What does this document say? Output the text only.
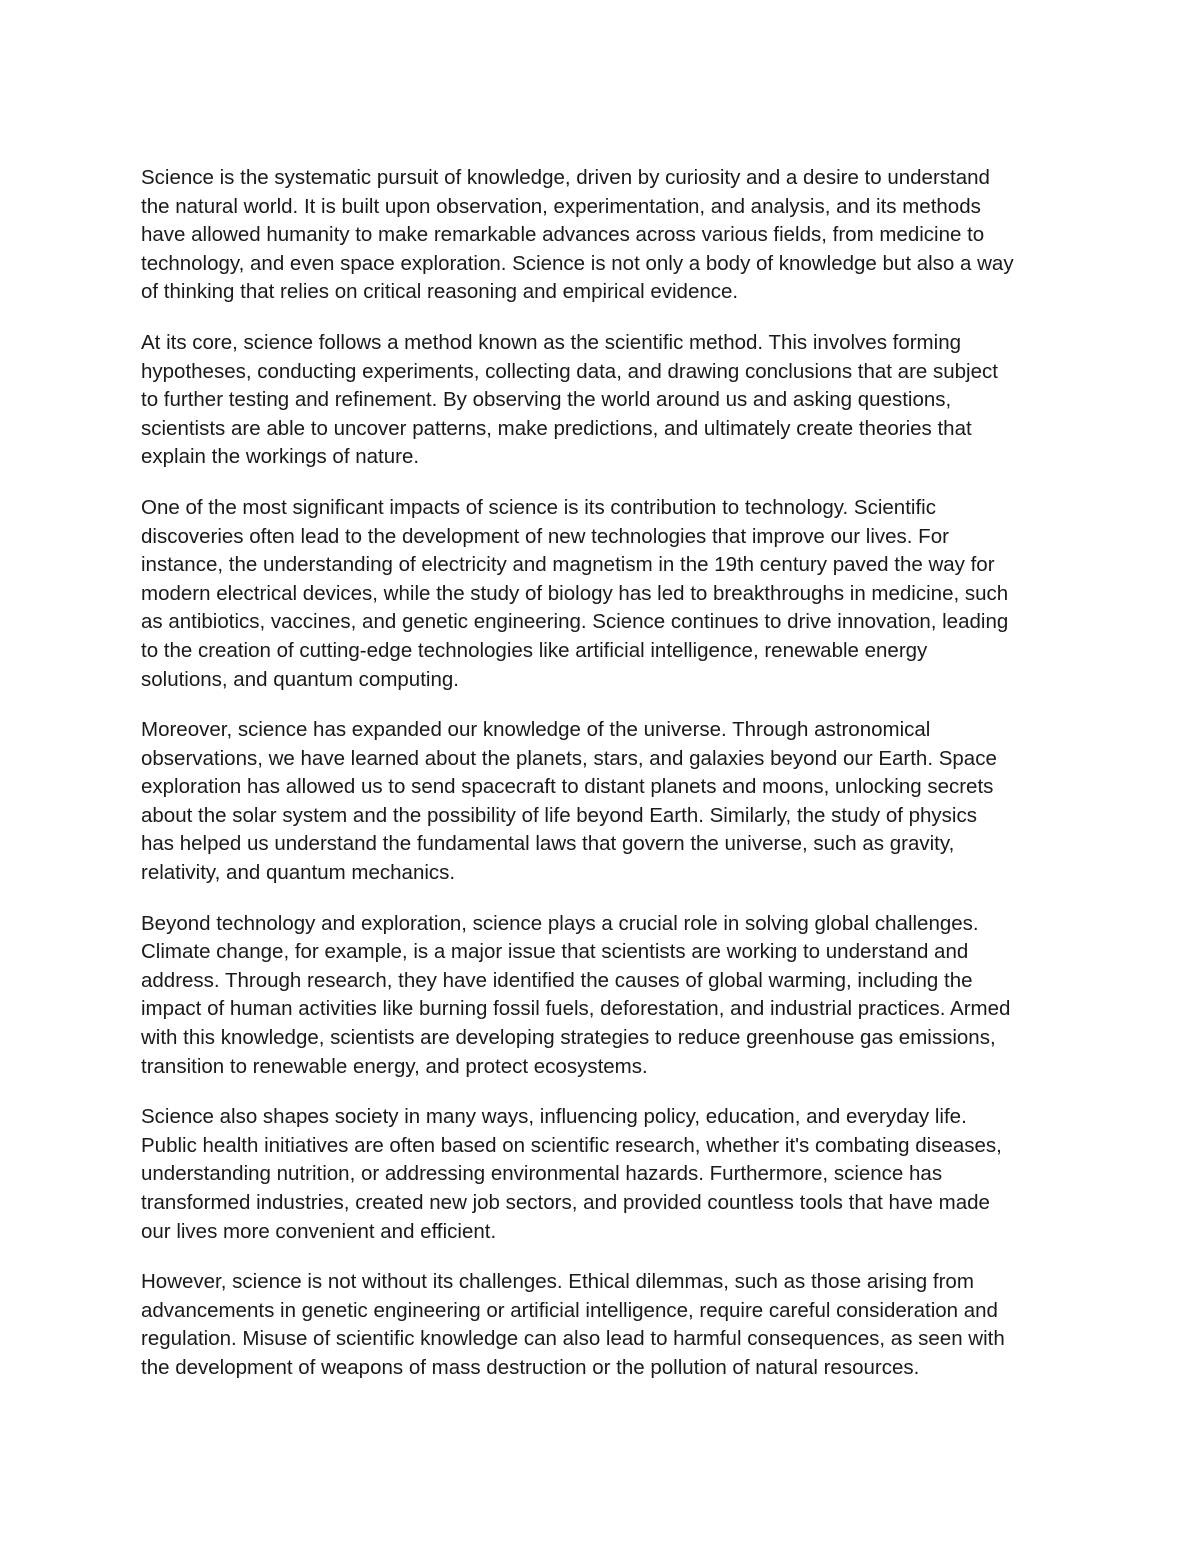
Science is the systematic pursuit of knowledge, driven by curiosity and a desire to understand
the natural world. It is built upon observation, experimentation, and analysis, and its methods
have allowed humanity to make remarkable advances across various fields, from medicine to
technology, and even space exploration. Science is not only a body of knowledge but also a way
of thinking that relies on critical reasoning and empirical evidence.

At its core, science follows a method known as the scientific method. This involves forming
hypotheses, conducting experiments, collecting data, and drawing conclusions that are subject
to further testing and refinement. By observing the world around us and asking questions,
scientists are able to uncover patterns, make predictions, and ultimately create theories that
explain the workings of nature.

One of the most significant impacts of science is its contribution to technology. Scientific
discoveries often lead to the development of new technologies that improve our lives. For
instance, the understanding of electricity and magnetism in the 19th century paved the way for
modern electrical devices, while the study of biology has led to breakthroughs in medicine, such
as antibiotics, vaccines, and genetic engineering. Science continues to drive innovation, leading
to the creation of cutting-edge technologies like artificial intelligence, renewable energy
solutions, and quantum computing.

Moreover, science has expanded our knowledge of the universe. Through astronomical
observations, we have learned about the planets, stars, and galaxies beyond our Earth. Space
exploration has allowed us to send spacecraft to distant planets and moons, unlocking secrets
about the solar system and the possibility of life beyond Earth. Similarly, the study of physics
has helped us understand the fundamental laws that govern the universe, such as gravity,
relativity, and quantum mechanics.

Beyond technology and exploration, science plays a crucial role in solving global challenges.
Climate change, for example, is a major issue that scientists are working to understand and
address. Through research, they have identified the causes of global warming, including the
impact of human activities like burning fossil fuels, deforestation, and industrial practices. Armed
with this knowledge, scientists are developing strategies to reduce greenhouse gas emissions,
transition to renewable energy, and protect ecosystems.

Science also shapes society in many ways, influencing policy, education, and everyday life.
Public health initiatives are often based on scientific research, whether it's combating diseases,
understanding nutrition, or addressing environmental hazards. Furthermore, science has
transformed industries, created new job sectors, and provided countless tools that have made
our lives more convenient and efficient.

However, science is not without its challenges. Ethical dilemmas, such as those arising from
advancements in genetic engineering or artificial intelligence, require careful consideration and
regulation. Misuse of scientific knowledge can also lead to harmful consequences, as seen with
the development of weapons of mass destruction or the pollution of natural resources.
